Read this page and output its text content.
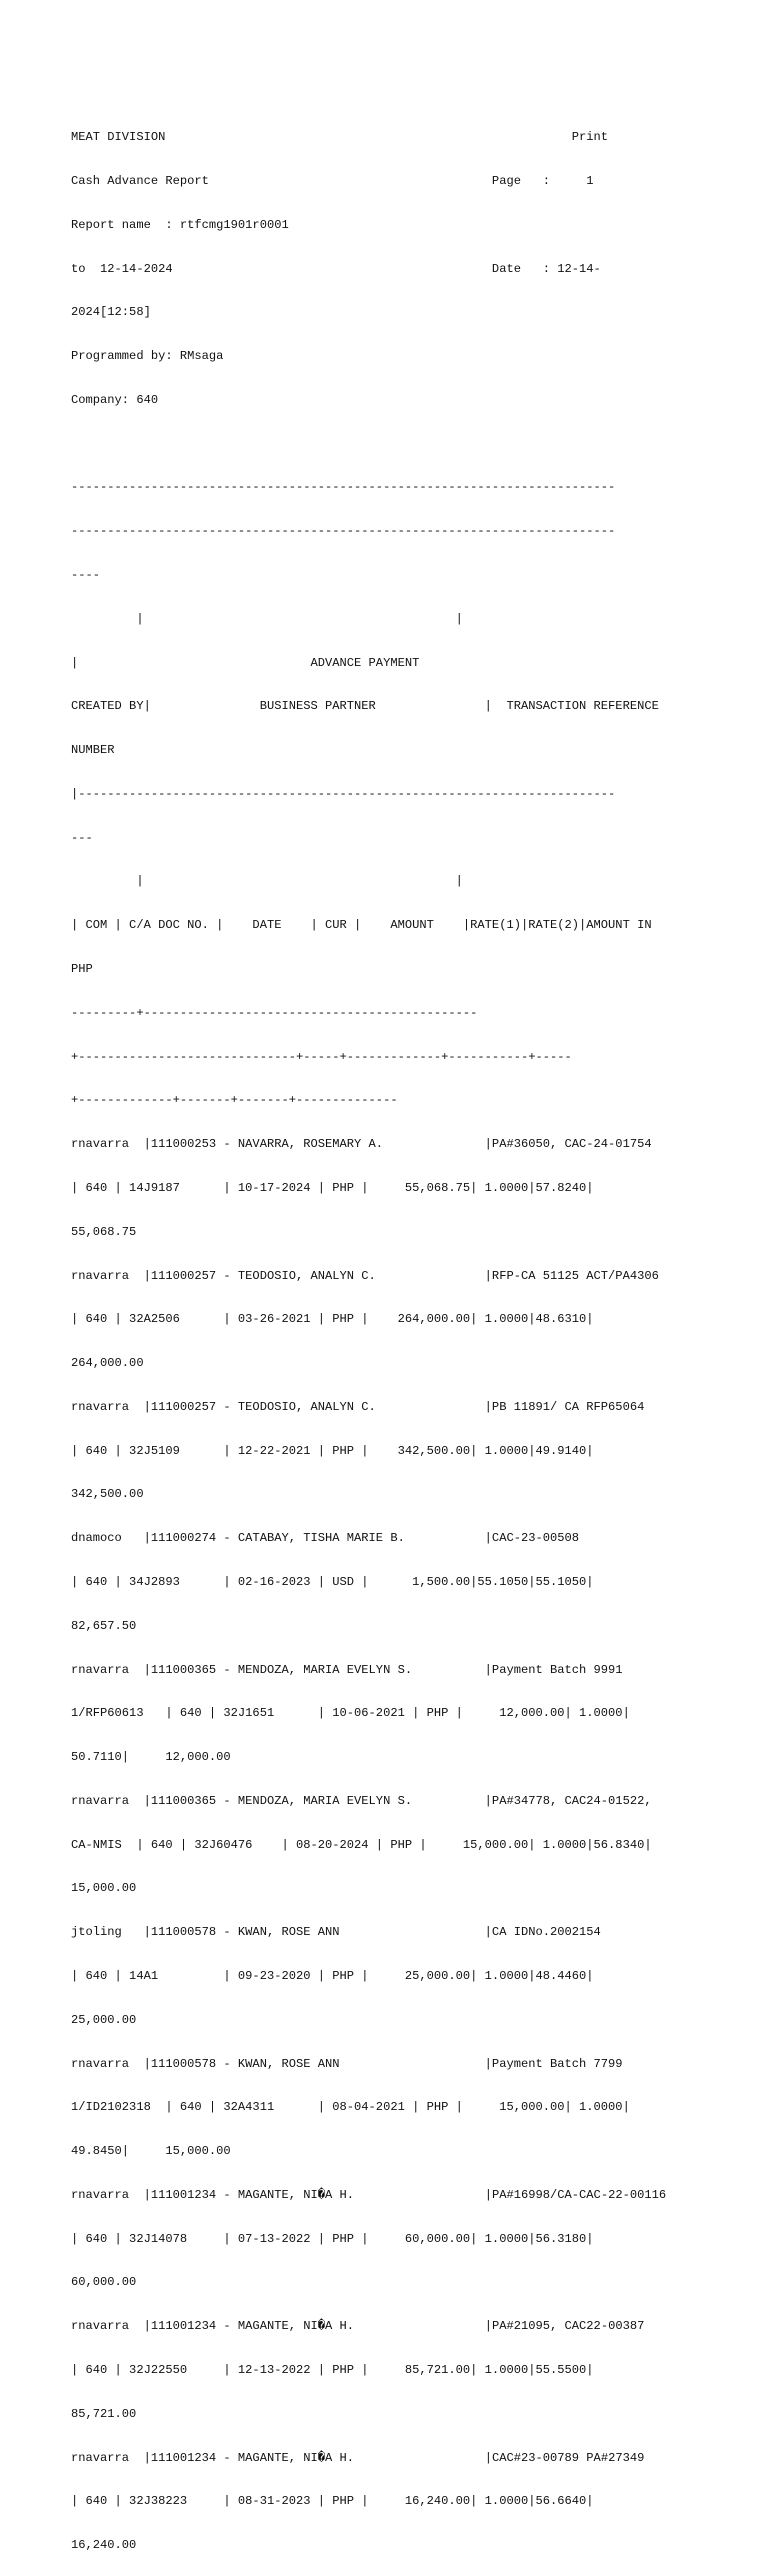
MEAT DIVISION                                                        Print

Cash Advance Report                                       Page   :     1

Report name  : rtfcmg1901r0001

to  12-14-2024                                            Date   : 12-14-

2024[12:58]

Programmed by: RMsaga

Company: 640

---------------------------------------------------------------------------

---------------------------------------------------------------------------

----

|                                           |

|                                ADVANCE PAYMENT

CREATED BY|               BUSINESS PARTNER               |  TRANSACTION REFERENCE

NUMBER

|--------------------------------------------------------------------------

---

|                                           |

| COM | C/A DOC NO. |    DATE    | CUR |    AMOUNT    |RATE(1)|RATE(2)|AMOUNT IN

PHP

---------+----------------------------------------------

+------------------------------+-----+-------------+-----------+-----

+-------------+-------+-------+--------------

rnavarra  |111000253 - NAVARRA, ROSEMARY A.              |PA#36050, CAC-24-01754

| 640 | 14J9187      | 10-17-2024 | PHP |     55,068.75| 1.0000|57.8240|

55,068.75

rnavarra  |111000257 - TEODOSIO, ANALYN C.               |RFP-CA 51125 ACT/PA4306

| 640 | 32A2506      | 03-26-2021 | PHP |    264,000.00| 1.0000|48.6310|

264,000.00

rnavarra  |111000257 - TEODOSIO, ANALYN C.               |PB 11891/ CA RFP65064

| 640 | 32J5109      | 12-22-2021 | PHP |    342,500.00| 1.0000|49.9140|

342,500.00

dnamoco   |111000274 - CATABAY, TISHA MARIE B.           |CAC-23-00508

| 640 | 34J2893      | 02-16-2023 | USD |      1,500.00|55.1050|55.1050|

82,657.50

rnavarra  |111000365 - MENDOZA, MARIA EVELYN S.          |Payment Batch 9991

1/RFP60613   | 640 | 32J1651      | 10-06-2021 | PHP |     12,000.00| 1.0000|

50.7110|     12,000.00

rnavarra  |111000365 - MENDOZA, MARIA EVELYN S.          |PA#34778, CAC24-01522,

CA-NMIS  | 640 | 32J60476    | 08-20-2024 | PHP |     15,000.00| 1.0000|56.8340|

15,000.00

jtoling   |111000578 - KWAN, ROSE ANN                    |CA IDNo.2002154

| 640 | 14A1         | 09-23-2020 | PHP |     25,000.00| 1.0000|48.4460|

25,000.00

rnavarra  |111000578 - KWAN, ROSE ANN                    |Payment Batch 7799

1/ID2102318  | 640 | 32A4311      | 08-04-2021 | PHP |     15,000.00| 1.0000|

49.8450|     15,000.00

rnavarra  |111001234 - MAGANTE, NI�A H.                  |PA#16998/CA-CAC-22-00116

| 640 | 32J14078     | 07-13-2022 | PHP |     60,000.00| 1.0000|56.3180|

60,000.00

rnavarra  |111001234 - MAGANTE, NI�A H.                  |PA#21095, CAC22-00387

| 640 | 32J22550     | 12-13-2022 | PHP |     85,721.00| 1.0000|55.5500|

85,721.00

rnavarra  |111001234 - MAGANTE, NI�A H.                  |CAC#23-00789 PA#27349

| 640 | 32J38223     | 08-31-2023 | PHP |     16,240.00| 1.0000|56.6640|

16,240.00
